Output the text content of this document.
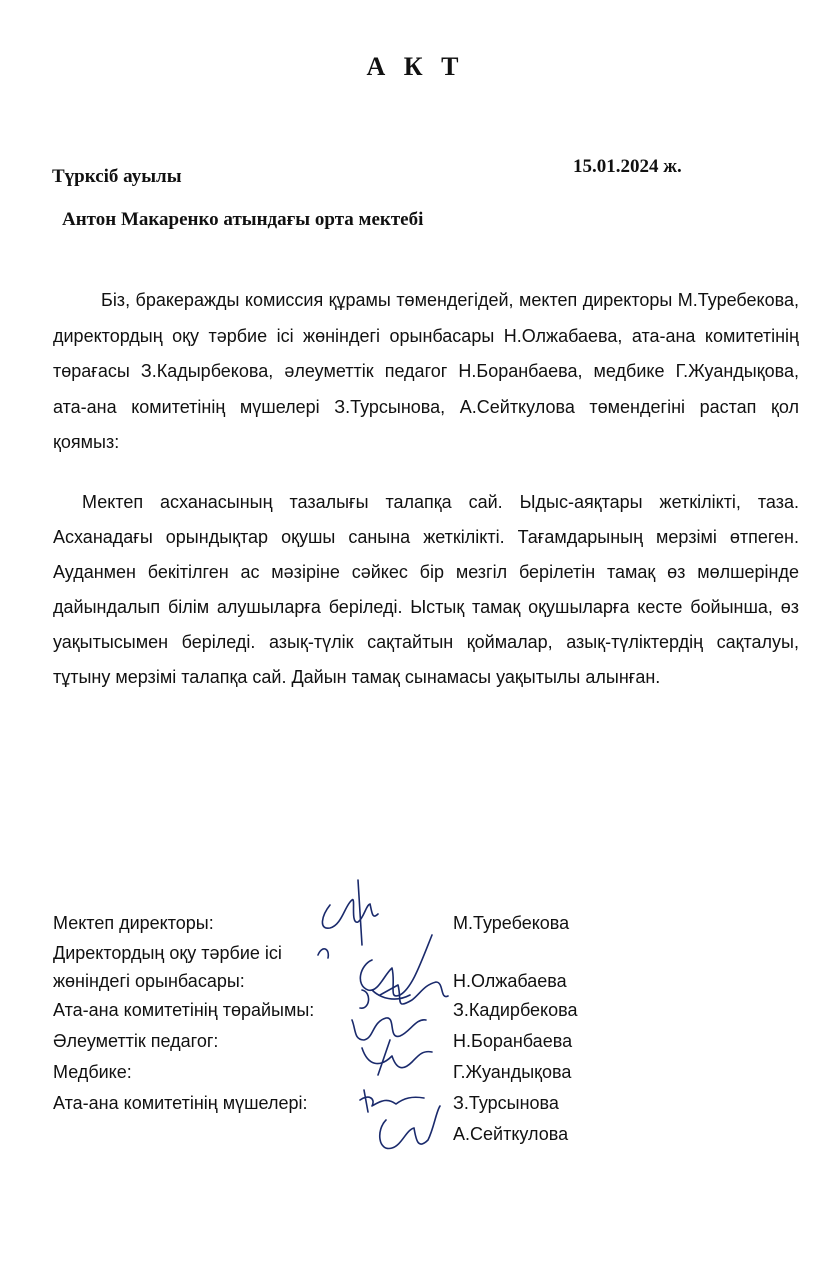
А К Т
Түрксіб ауылы	15.01.2024 ж.
Антон Макаренко атындағы орта мектебі
Біз, бракеражды комиссия құрамы төмендегідей, мектеп директоры М.Туребекова, директордың оқу тәрбие ісі жөніндегі орынбасары Н.Олжабаева, ата-ана комитетінің төрағасы З.Кадырбекова, әлеуметтік педагог Н.Боранбаева, медбике Г.Жуандықова, ата-ана комитетінің мүшелері З.Турсынова, А.Сейткулова төмендегіні растап қол қоямыз:
Мектеп асханасының тазалығы талапқа сай. Ыдыс-аяқтары жеткілікті, таза. Асханадағы орындықтар оқушы санына жеткілікті. Тағамдарының мерзімі өтпеген. Ауданмен бекітілген ас мәзіріне сәйкес бір мезгіл берілетін тамақ өз мөлшерінде дайындалып білім алушыларға беріледі. Ыстық тамақ оқушыларға кесте бойынша, өз уақытысымен беріледі. азық-түлік сақтайтын қоймалар, азық-түліктердің сақталуы, тұтыну мерзімі талапқа сай. Дайын тамақ сынамасы уақытылы алынған.
Мектеп директоры:	М.Туребекова
Директордың оқу тәрбие ісі
жөніндегі орынбасары:	Н.Олжабаева
Ата-ана комитетінің төрайымы:	З.Кадирбекова
Әлеуметтік педагог:	Н.Боранбаева
Медбике:	Г.Жуандықова
Ата-ана комитетінің мүшелері:	З.Турсынова
А.Сейткулова
